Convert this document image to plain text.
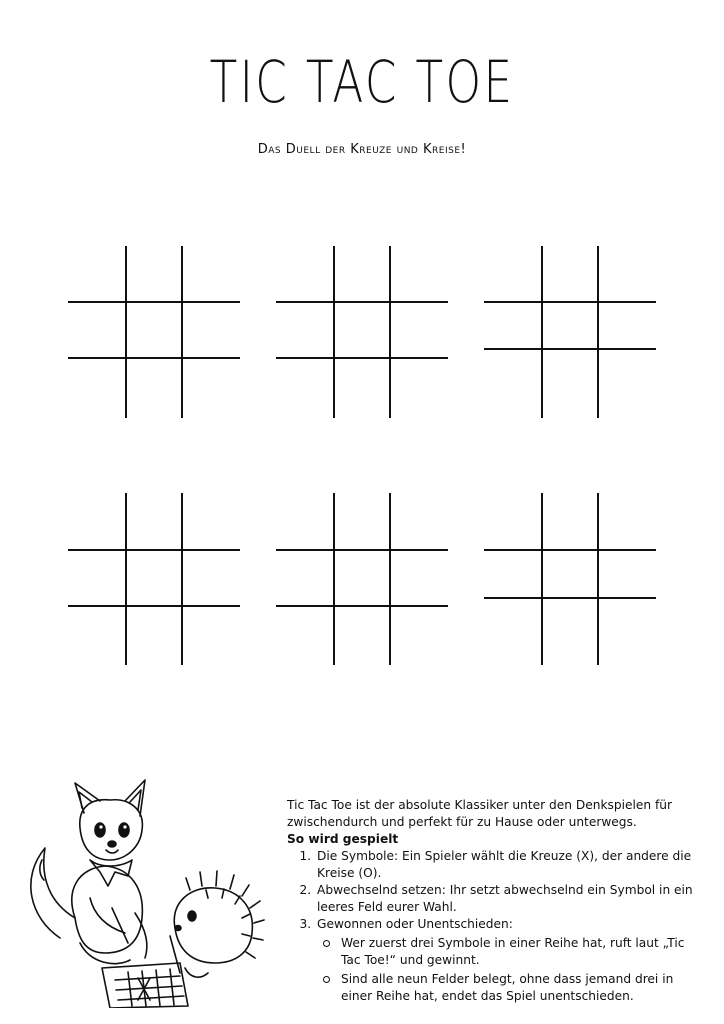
TIC TAC TOE
Das Duell der Kreuze und Kreise!

Tic Tac Toe ist der absolute Klassiker unter den Denkspielen für zwischendurch und perfekt für zu Hause oder unterwegs.

So wird gespielt

1. Die Symbole: Ein Spieler wählt die Kreuze (X), der andere die Kreise (O).
2. Abwechselnd setzen: Ihr setzt abwechselnd ein Symbol in ein leeres Feld eurer Wahl.
3. Gewonnen oder Unentschieden:
Wer zuerst drei Symbole in einer Reihe hat, ruft laut „Tic Tac Toe!“ und gewinnt.
Sind alle neun Felder belegt, ohne dass jemand drei in einer Reihe hat, endet das Spiel unentschieden.
